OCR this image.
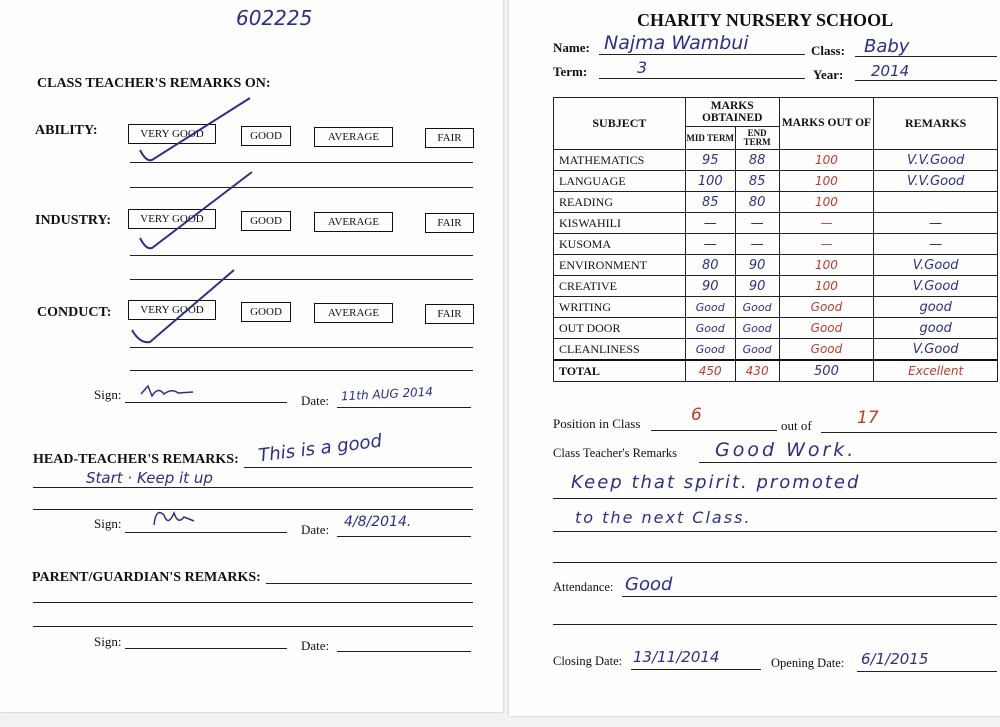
602225
CLASS TEACHER'S REMARKS ON:
ABILITY:	VERY GOOD	GOOD	AVERAGE	FAIR
INDUSTRY:	VERY GOOD	GOOD	AVERAGE	FAIR
CONDUCT:	VERY GOOD	GOOD	AVERAGE	FAIR
Sign:	Date: 11th AUG 2014
HEAD-TEACHER'S REMARKS: This is a good
Start · Keep it up
Sign:	Date: 4/8/2014.
PARENT/GUARDIAN'S REMARKS:
Sign:	Date:
CHARITY NURSERY SCHOOL
Name: Najma Wambui	Class: Baby
Term:	3	Year: 2014
SUBJECT	MARKS OBTAINED		MARKS OUT OF	REMARKS
	MID TERM	END TERM		
MATHEMATICS	95	88	100	V.V.Good
LANGUAGE	100	85	100	V.V.Good
READING	85	80	100	
KISWAHILI	—	—	—	—
KUSOMA	—	—	—	—
ENVIRONMENT	80	90	100	V.Good
CREATIVE	90	90	100	V.Good
WRITING	Good	Good	Good	good
OUT DOOR	Good	Good	Good	good
CLEANLINESS	Good	Good	Good	V.Good
TOTAL	450	430	500	Excellent
Position in Class	6
out of	17
Class Teacher's Remarks Good Work.
Keep that spirit. promoted
to the next Class.
Attendance: Good
Closing Date: 13/11/2014	Opening Date: 6/1/2015
